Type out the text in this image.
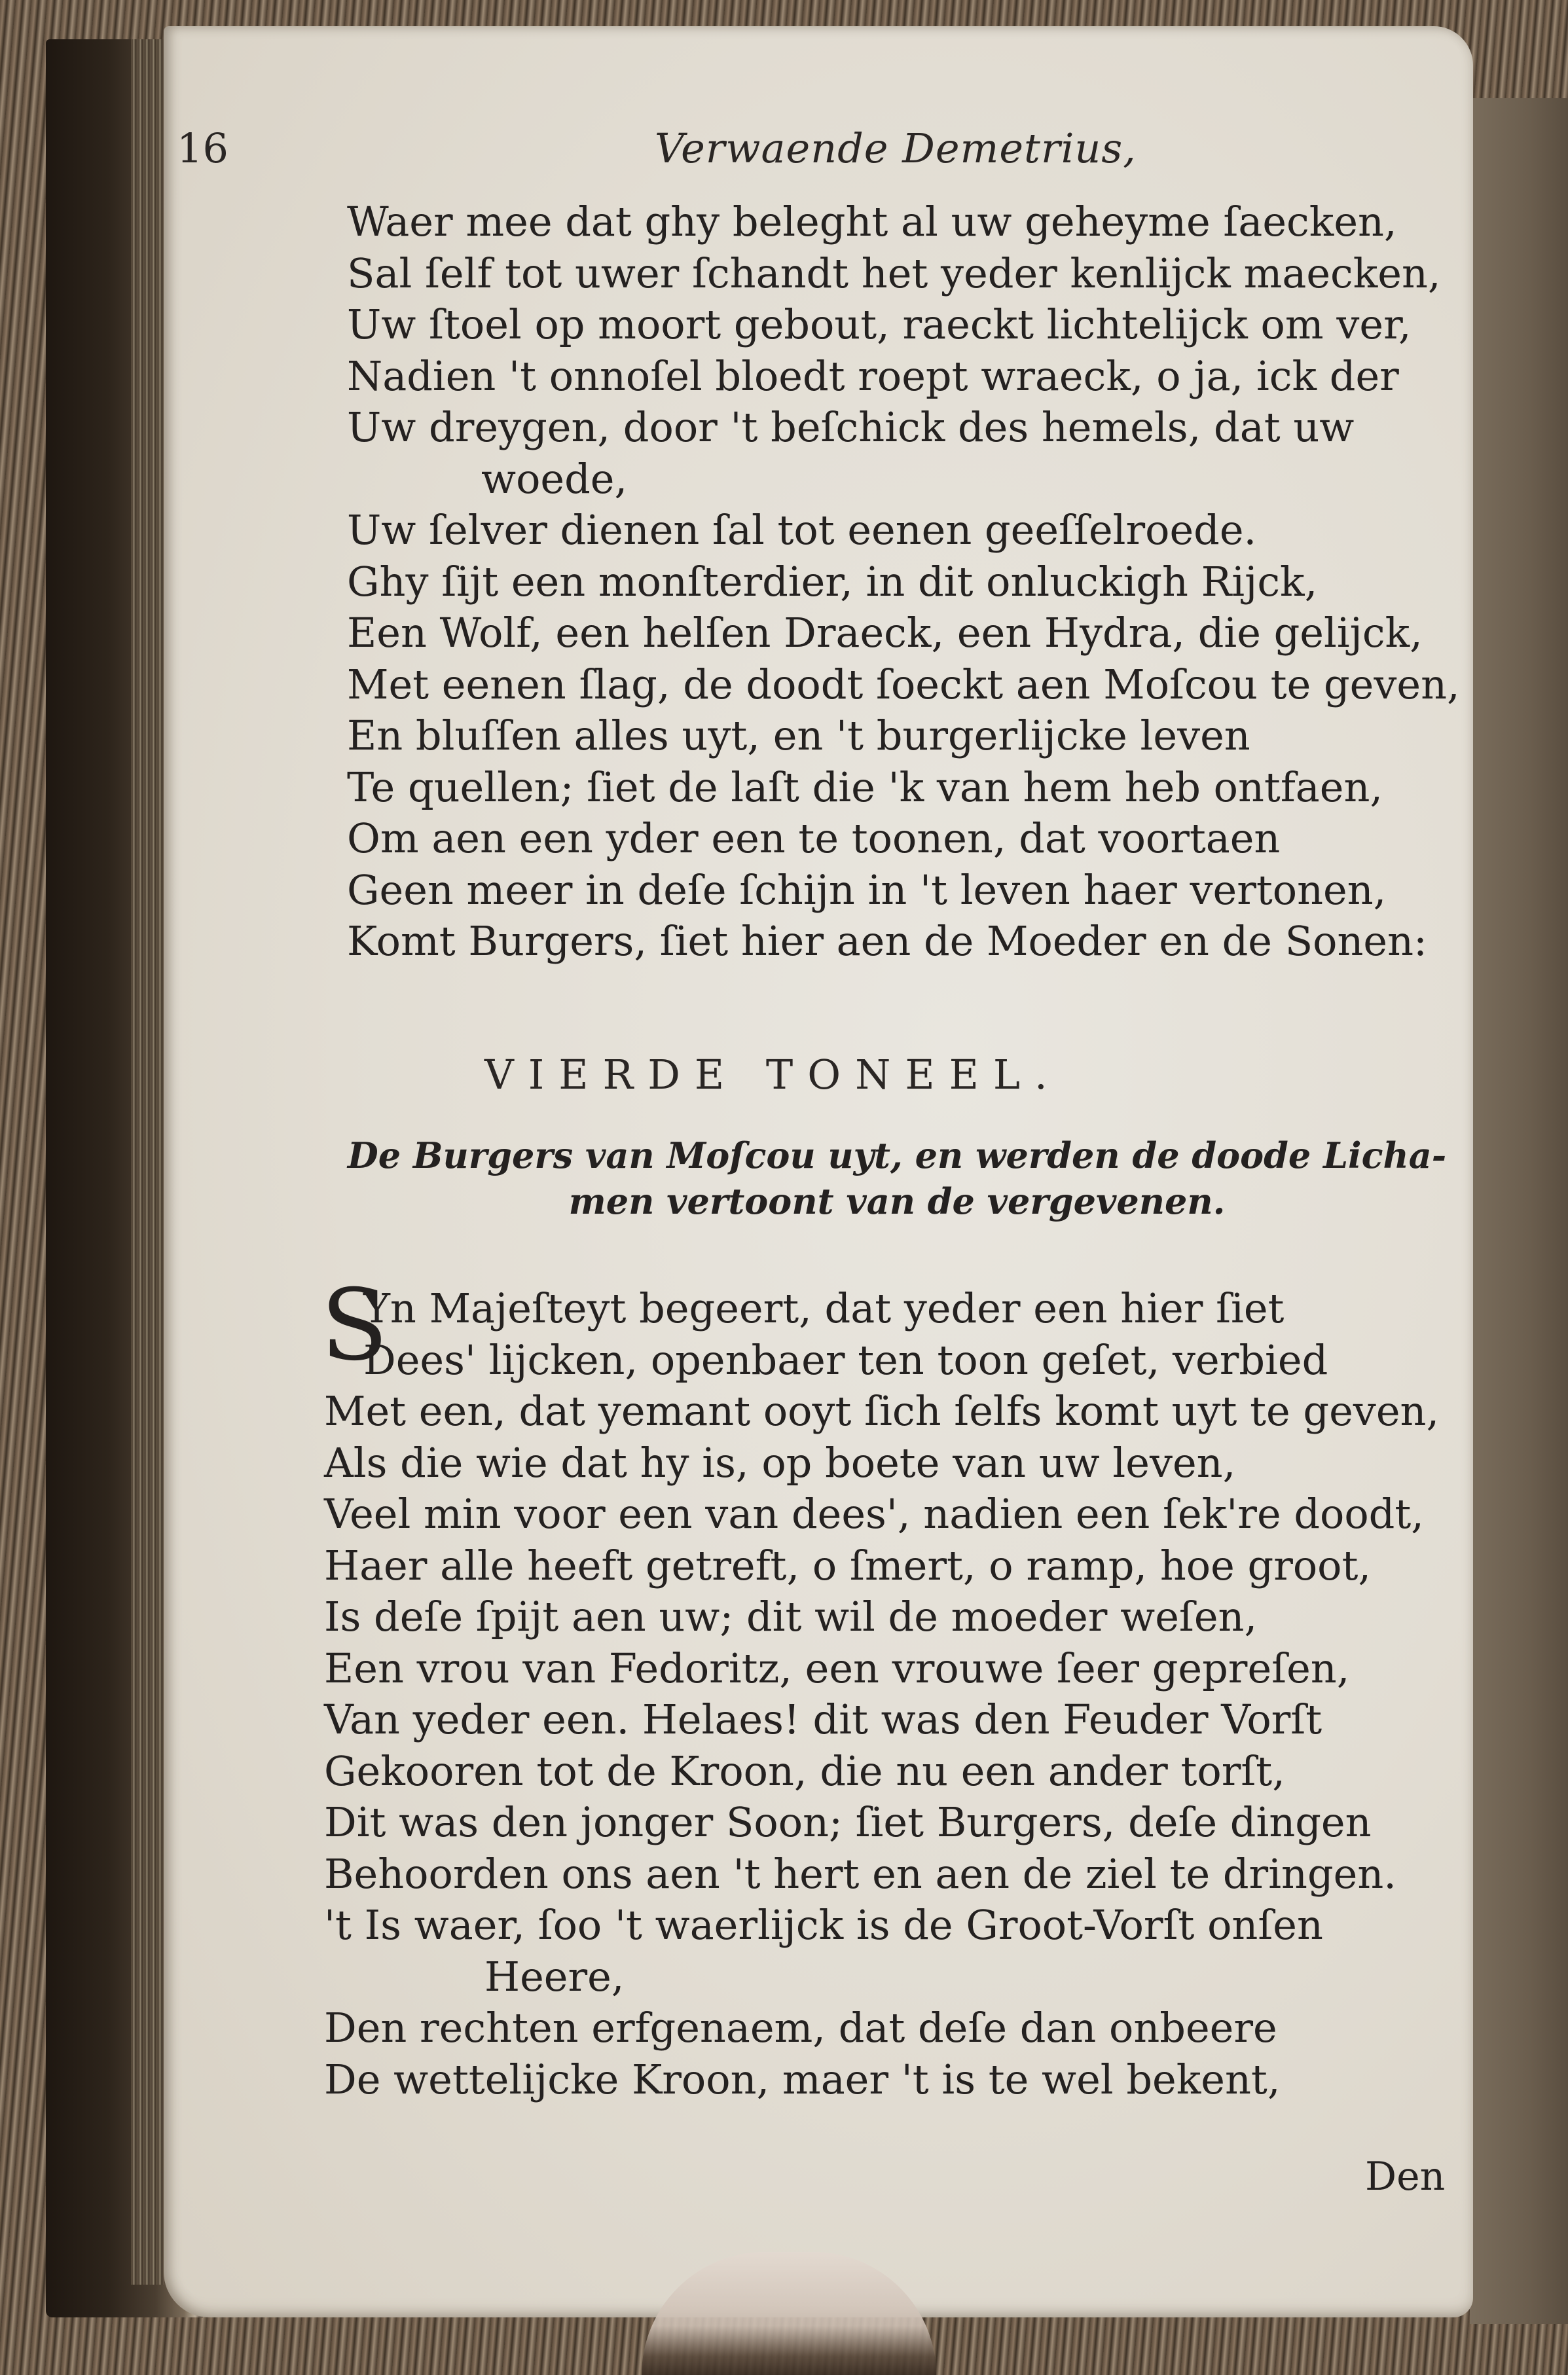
16	Verwaende Demetrius,
Waer mee dat ghy beleght al uw geheyme ſaecken,
Sal ſelf tot uwer ſchandt het yeder kenlijck maecken,
Uw ſtoel op moort gebout, raeckt lichtelijck om ver,
Nadien 't onnoſel bloedt roept wraeck, o ja, ick der
Uw dreygen, door 't beſchick des hemels, dat uw
woede,
Uw ſelver dienen ſal tot eenen geeſſelroede.
Ghy ſijt een monſterdier, in dit onluckigh Rijck,
Een Wolf, een helſen Draeck, een Hydra, die gelijck,
Met eenen ſlag, de doodt ſoeckt aen Moſcou te geven,
En bluſſen alles uyt, en 't burgerlijcke leven
Te quellen; ſiet de laſt die 'k van hem heb ontfaen,
Om aen een yder een te toonen, dat voortaen
Geen meer in deſe ſchijn in 't leven haer vertonen,
Komt Burgers, ſiet hier aen de Moeder en de Sonen:
VIERDE TONEEL.
De Burgers van Moſcou uyt, en werden de doode Licha-
men vertoont van de vergevenen.
S
Yn Majeſteyt begeert, dat yeder een hier ſiet
Dees' lijcken, openbaer ten toon geſet, verbied
Met een, dat yemant ooyt ſich ſelfs komt uyt te geven,
Als die wie dat hy is, op boete van uw leven,
Veel min voor een van dees', nadien een ſek're doodt,
Haer alle heeft getreft, o ſmert, o ramp, hoe groot,
Is deſe ſpijt aen uw; dit wil de moeder weſen,
Een vrou van Fedoritz, een vrouwe ſeer gepreſen,
Van yeder een. Helaes! dit was den Feuder Vorſt
Gekooren tot de Kroon, die nu een ander torſt,
Dit was den jonger Soon; ſiet Burgers, deſe dingen
Behoorden ons aen 't hert en aen de ziel te dringen.
't Is waer, ſoo 't waerlijck is de Groot-Vorſt onſen
Heere,
Den rechten erfgenaem, dat deſe dan onbeere
De wettelijcke Kroon, maer 't is te wel bekent,
Den
